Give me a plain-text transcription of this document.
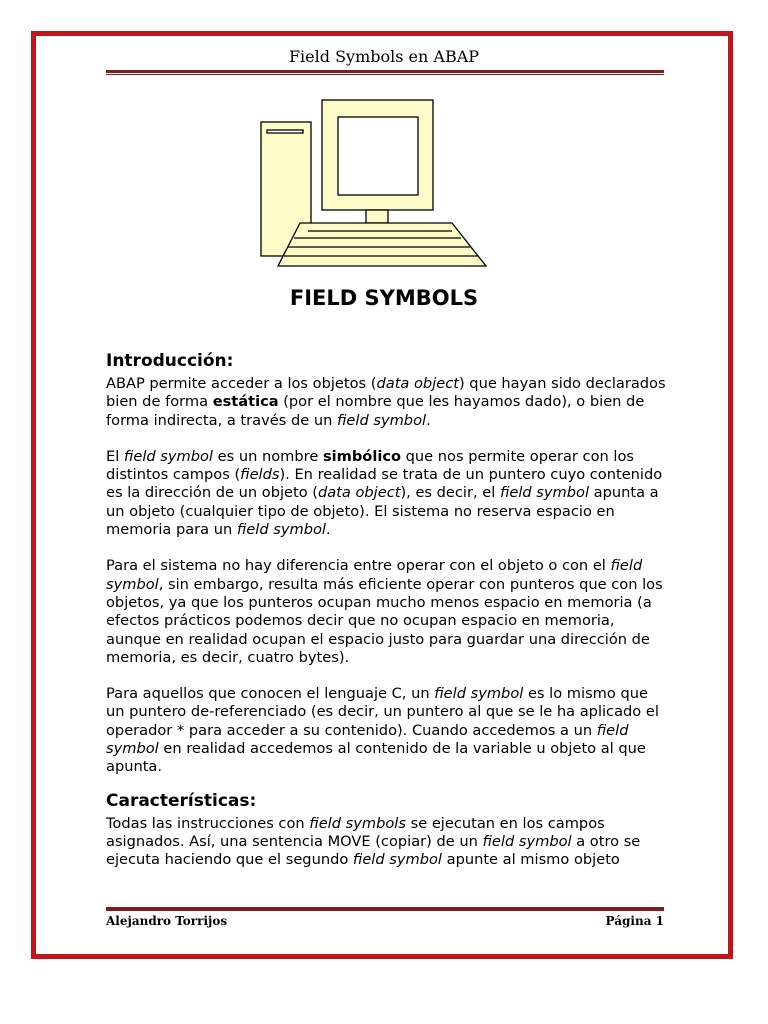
Field Symbols en ABAP
FIELD SYMBOLS
Introducción:

ABAP permite acceder a los objetos (data object) que hayan sido declarados bien de forma estática (por el nombre que les hayamos dado), o bien de forma indirecta, a través de un field symbol.

El field symbol es un nombre simbólico que nos permite operar con los distintos campos (fields). En realidad se trata de un puntero cuyo contenido es la dirección de un objeto (data object), es decir, el field symbol apunta a un objeto (cualquier tipo de objeto). El sistema no reserva espacio en memoria para un field symbol.

Para el sistema no hay diferencia entre operar con el objeto o con el field symbol, sin embargo, resulta más eficiente operar con punteros que con los objetos, ya que los punteros ocupan mucho menos espacio en memoria (a efectos prácticos podemos decir que no ocupan espacio en memoria, aunque en realidad ocupan el espacio justo para guardar una dirección de memoria, es decir, cuatro bytes).

Para aquellos que conocen el lenguaje C, un field symbol es lo mismo que un puntero de-referenciado (es decir, un puntero al que se le ha aplicado el operador * para acceder a su contenido). Cuando accedemos a un field symbol en realidad accedemos al contenido de la variable u objeto al que apunta.

Características:

Todas las instrucciones con field symbols se ejecutan en los campos asignados. Así, una sentencia MOVE (copiar) de un field symbol a otro se ejecuta haciendo que el segundo field symbol apunte al mismo objeto

Alejandro Torrijos	Página 1
